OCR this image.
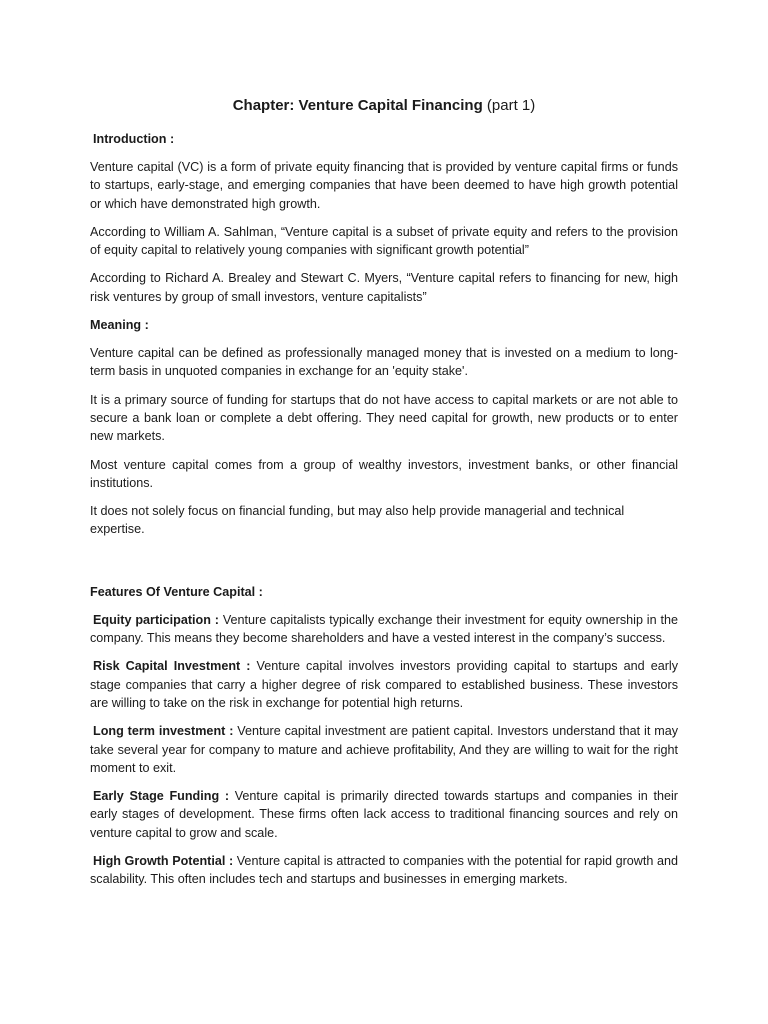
Chapter: Venture Capital Financing (part 1)
Introduction :

Venture capital (VC) is a form of private equity financing that is provided by venture capital firms or funds to startups, early-stage, and emerging companies that have been deemed to have high growth potential or which have demonstrated high growth.

According to William A. Sahlman, “Venture capital is a subset of private equity and refers to the provision of equity capital to relatively young companies with significant growth potential”

According to Richard A. Brealey and Stewart C. Myers, “Venture capital refers to financing for new, high risk ventures by group of small investors, venture capitalists”

Meaning :

Venture capital can be defined as professionally managed money that is invested on a medium to long-term basis in unquoted companies in exchange for an 'equity stake'.

It is a primary source of funding for startups that do not have access to capital markets or are not able to secure a bank loan or complete a debt offering. They need capital for growth, new products or to enter new markets.

Most venture capital comes from a group of wealthy investors, investment banks, or other financial institutions.

It does not solely focus on financial funding, but may also help provide managerial and technical expertise.

Features Of Venture Capital :

Equity participation : Venture capitalists typically exchange their investment for equity ownership in the company. This means they become shareholders and have a vested interest in the company’s success.

Risk Capital Investment : Venture capital involves investors providing capital to startups and early stage companies that carry a higher degree of risk compared to established business. These investors are willing to take on the risk in exchange for potential high returns.

Long term investment : Venture capital investment are patient capital. Investors understand that it may take several year for company to mature and achieve profitability, And they are willing to wait for the right moment to exit.

Early Stage Funding : Venture capital is primarily directed towards startups and companies in their early stages of development. These firms often lack access to traditional financing sources and rely on venture capital to grow and scale.

High Growth Potential : Venture capital is attracted to companies with the potential for rapid growth and scalability. This often includes tech and startups and businesses in emerging markets.
